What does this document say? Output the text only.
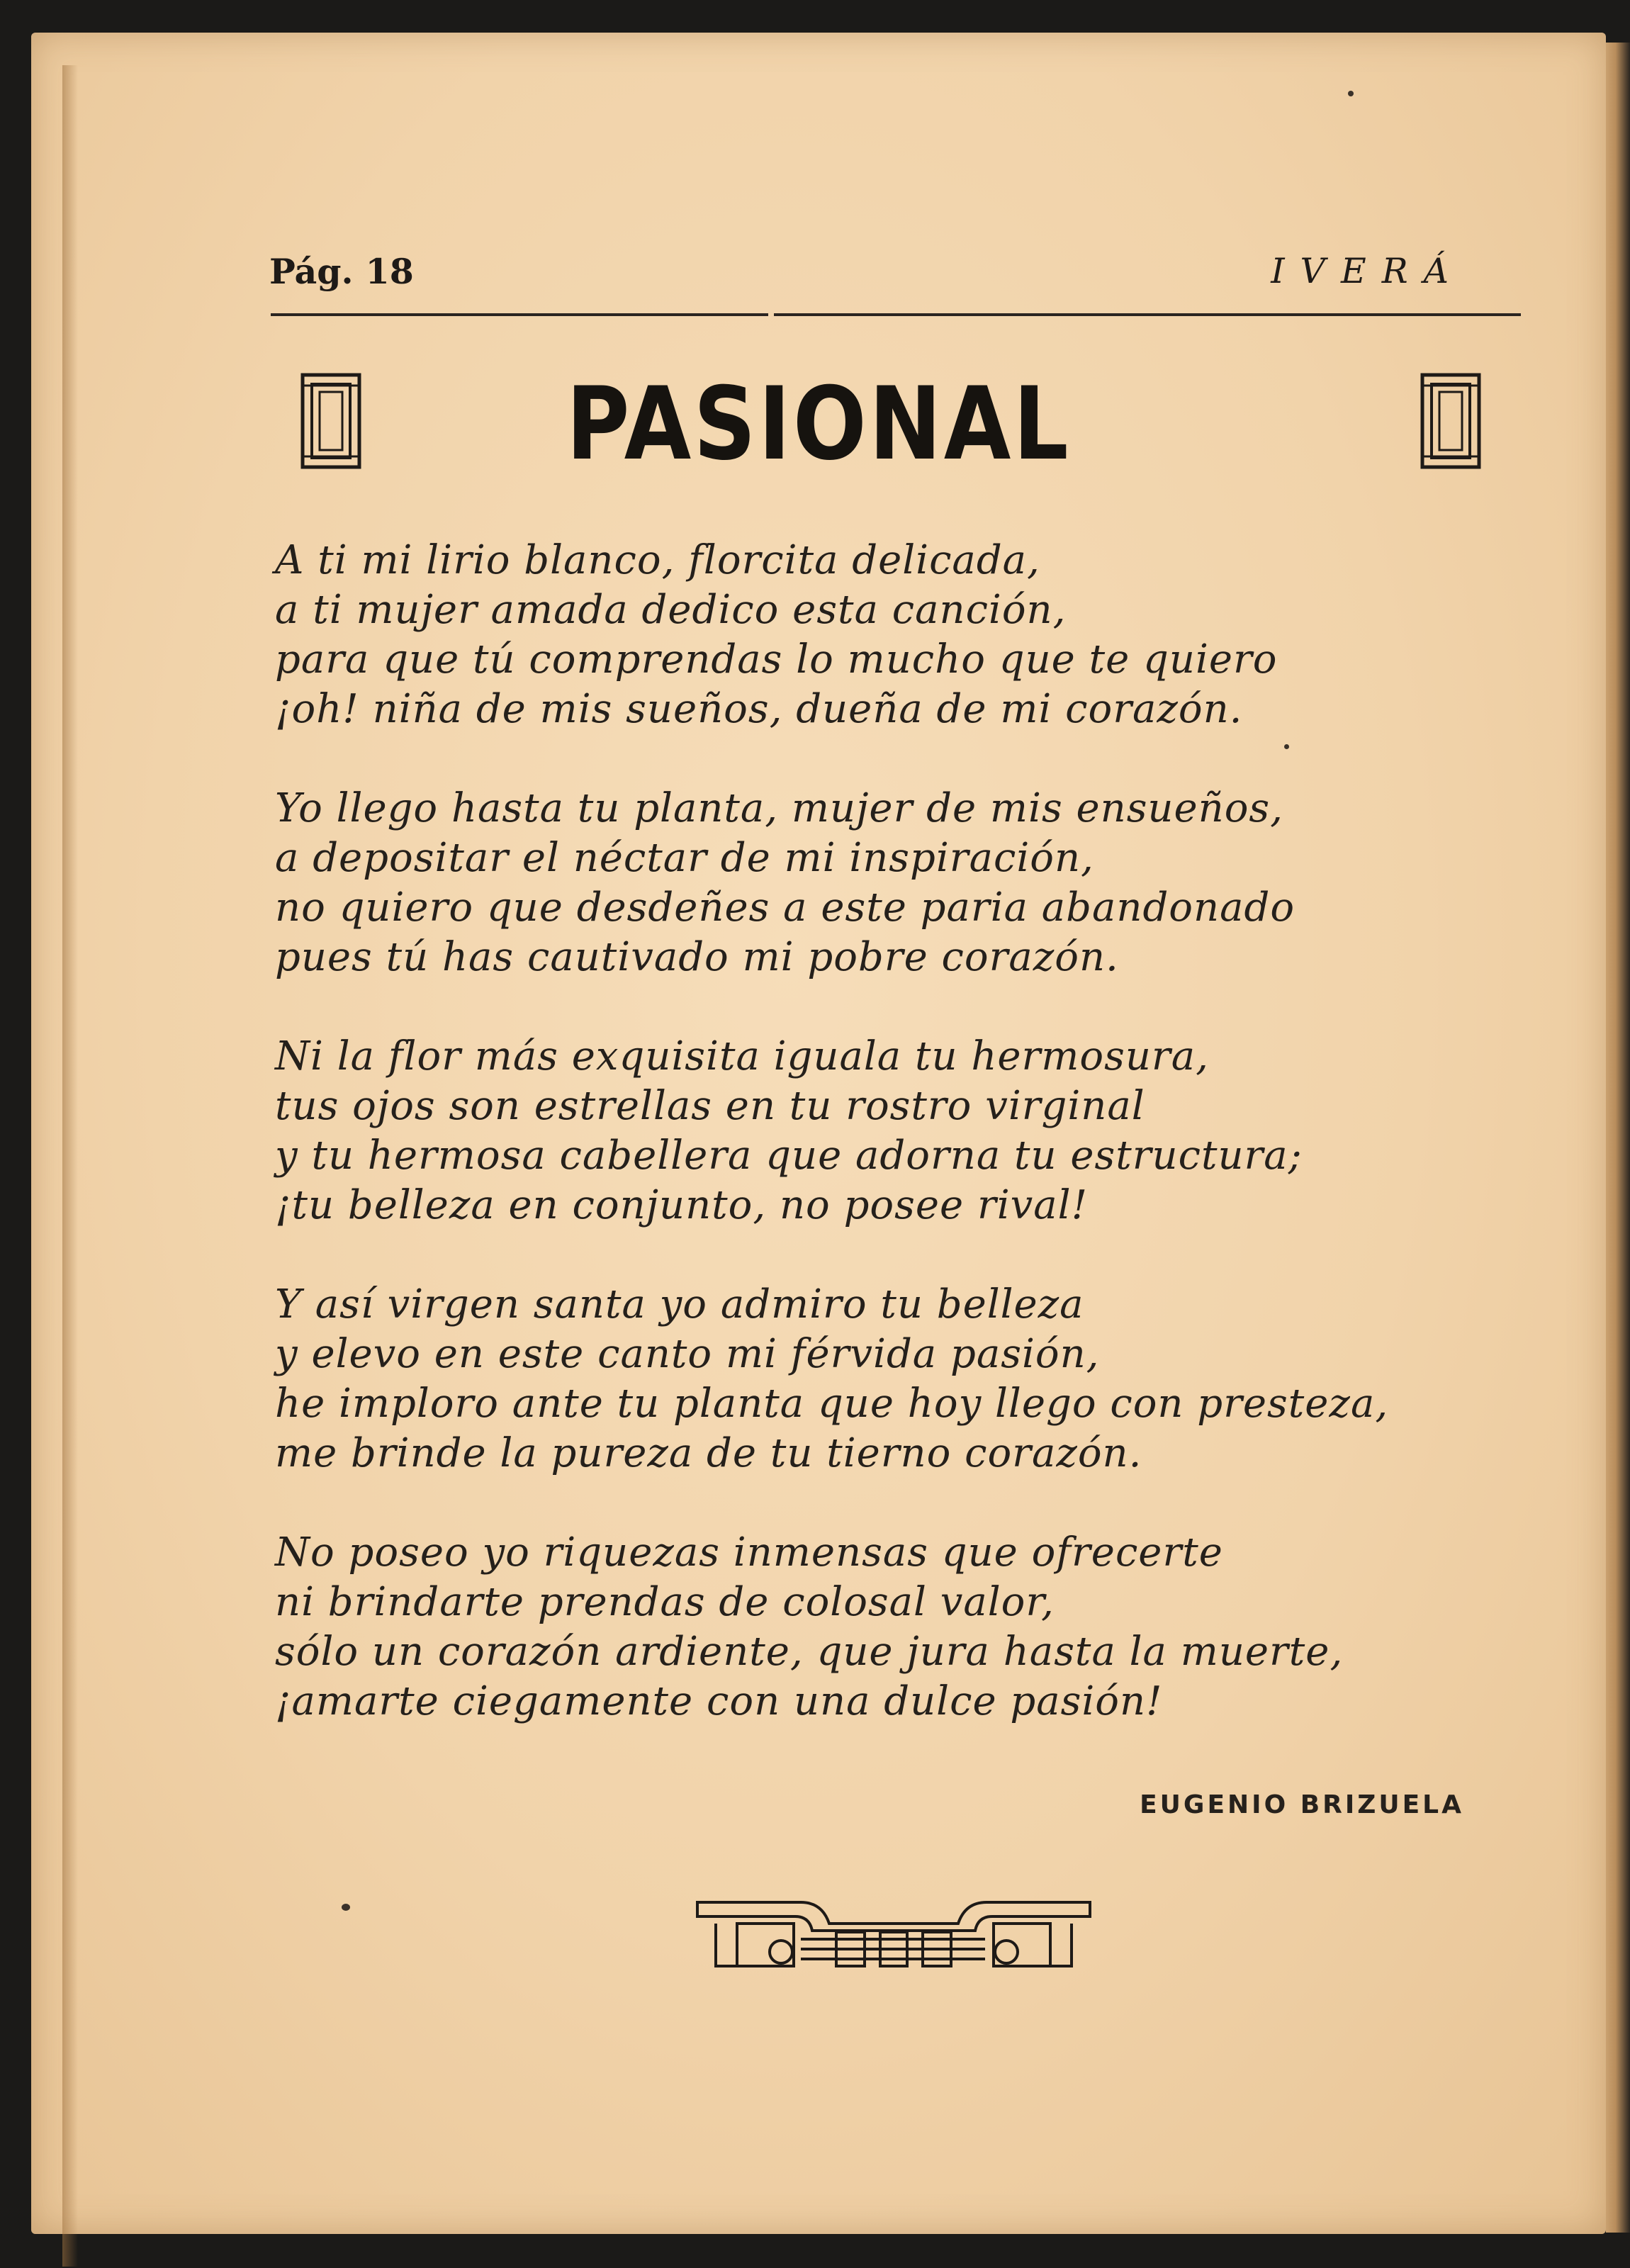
Pág. 18	IVERÁ
PASIONAL
A ti mi lirio blanco, florcita delicada,
a ti mujer amada dedico esta canción,
para que tú comprendas lo mucho que te quiero
¡oh! niña de mis sueños, dueña de mi corazón.
Yo llego hasta tu planta, mujer de mis ensueños,
a depositar el néctar de mi inspiración,
no quiero que desdeñes a este paria abandonado
pues tú has cautivado mi pobre corazón.
Ni la flor más exquisita iguala tu hermosura,
tus ojos son estrellas en tu rostro virginal
y tu hermosa cabellera que adorna tu estructura;
¡tu belleza en conjunto, no posee rival!
Y así virgen santa yo admiro tu belleza
y elevo en este canto mi férvida pasión,
he imploro ante tu planta que hoy llego con presteza,
me brinde la pureza de tu tierno corazón.
No poseo yo riquezas inmensas que ofrecerte
ni brindarte prendas de colosal valor,
sólo un corazón ardiente, que jura hasta la muerte,
¡amarte ciegamente con una dulce pasión!
EUGENIO BRIZUELA
